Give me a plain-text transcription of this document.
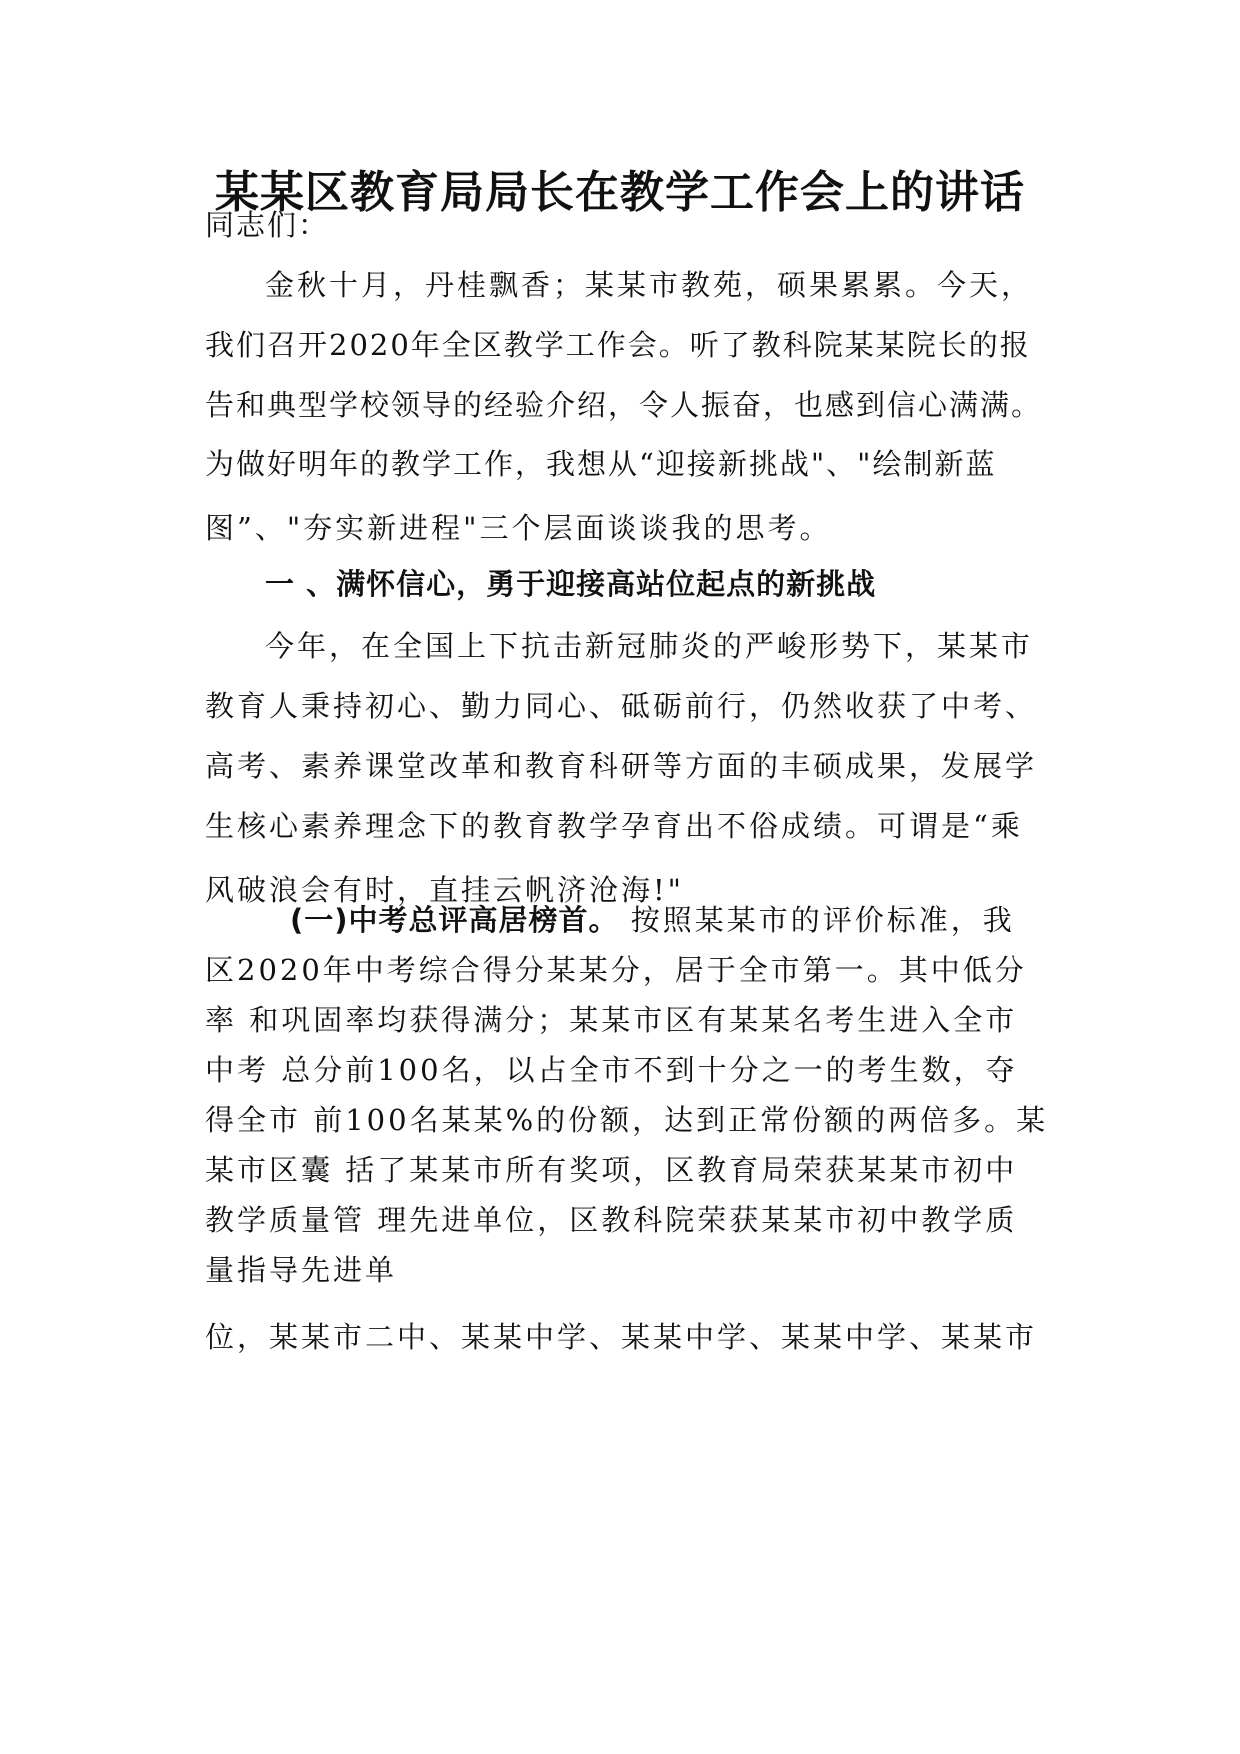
某某区教育局局长在教学工作会上的讲话

同志们：

金秋十月，丹桂飘香；某某市教苑，硕果累累。今天，

我们召开2020年全区教学工作会。听了教科院某某院长的报

告和典型学校领导的经验介绍，令人振奋，也感到信心满满。

为做好明年的教学工作，我想从“迎接新挑战"、"绘制新蓝

图”、"夯实新进程"三个层面谈谈我的思考。

一 、满怀信心，勇于迎接高站位起点的新挑战

今年，在全国上下抗击新冠肺炎的严峻形势下，某某市

教育人秉持初心、勤力同心、砥砺前行，仍然收获了中考、

高考、素养课堂改革和教育科研等方面的丰硕成果，发展学

生核心素养理念下的教育教学孕育出不俗成绩。可谓是“乘

风破浪会有时，直挂云帆济沧海!"

(一)中考总评高居榜首。 按照某某市的评价标准，我

区2020年中考综合得分某某分，居于全市第一。其中低分

率 和巩固率均获得满分；某某市区有某某名考生进入全市

中考 总分前100名，以占全市不到十分之一的考生数，夺

得全市 前100名某某%的份额，达到正常份额的两倍多。某

某市区囊 括了某某市所有奖项，区教育局荣获某某市初中

教学质量管 理先进单位，区教科院荣获某某市初中教学质

量指导先进单

位，某某市二中、某某中学、某某中学、某某中学、某某市
